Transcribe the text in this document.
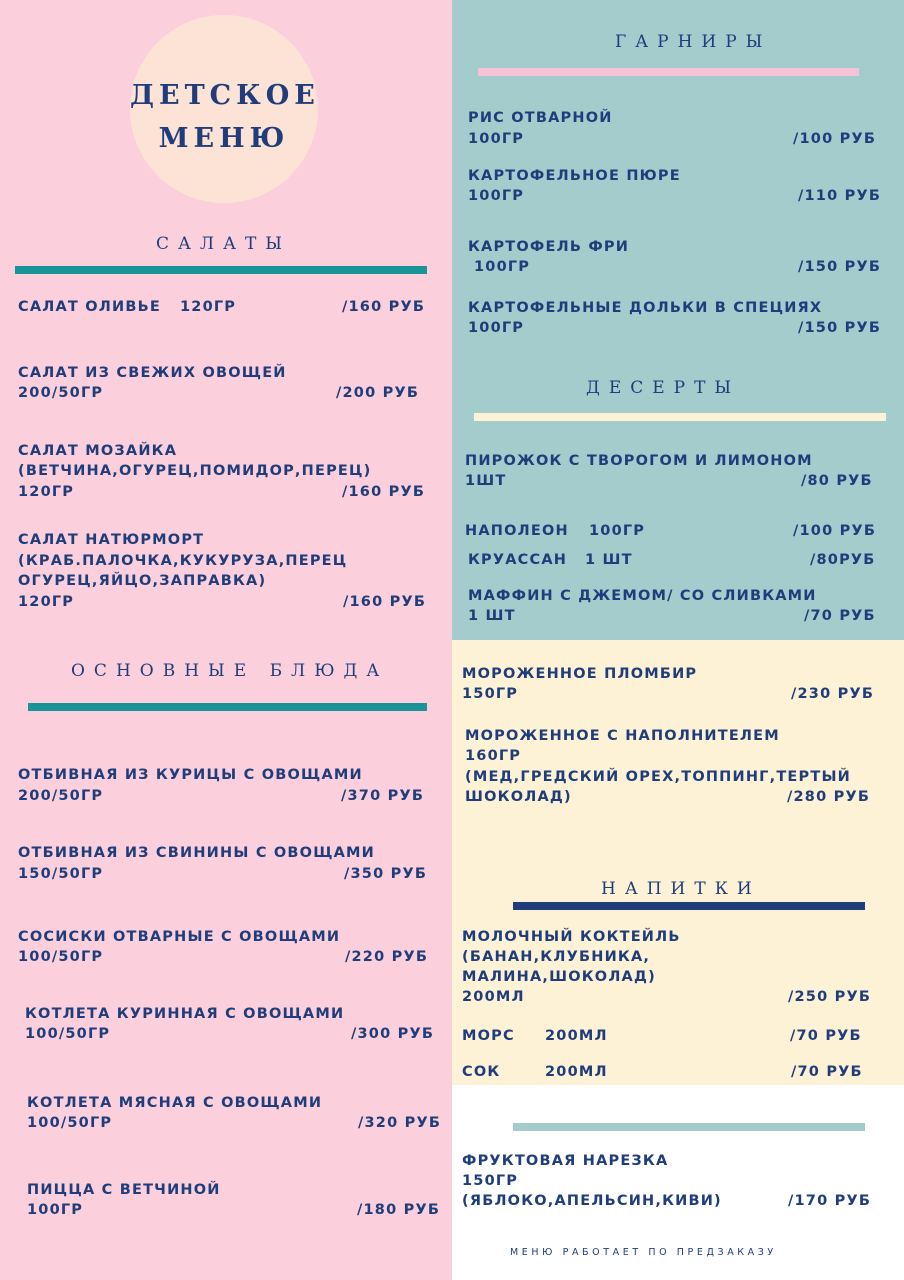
ДЕТСКОЕ
МЕНЮ
САЛАТЫ
САЛАТ ОЛИВЬЕ 120ГР	/160 РУБ
САЛАТ ИЗ СВЕЖИХ ОВОЩЕЙ
200/50ГР	/200 РУБ
САЛАТ МОЗАЙКА
(ВЕТЧИНА,ОГУРЕЦ,ПОМИДОР,ПЕРЕЦ)
120ГР	/160 РУБ
САЛАТ НАТЮРМОРТ
(КРАБ.ПАЛОЧКА,КУКУРУЗА,ПЕРЕЦ
ОГУРЕЦ,ЯЙЦО,ЗАПРАВКА)
120ГР	/160 РУБ
ОСНОВНЫЕ БЛЮДА
ОТБИВНАЯ ИЗ КУРИЦЫ С ОВОЩАМИ
200/50ГР	/370 РУБ
ОТБИВНАЯ ИЗ СВИНИНЫ С ОВОЩАМИ
150/50ГР	/350 РУБ
СОСИСКИ ОТВАРНЫЕ С ОВОЩАМИ
100/50ГР	/220 РУБ
КОТЛЕТА КУРИННАЯ С ОВОЩАМИ
100/50ГР	/300 РУБ
КОТЛЕТА МЯСНАЯ С ОВОЩАМИ
100/50ГР	/320 РУБ
ПИЦЦА С ВЕТЧИНОЙ
100ГР	/180 РУБ
ГАРНИРЫ
РИС ОТВАРНОЙ
100ГР	/100 РУБ
КАРТОФЕЛЬНОЕ ПЮРЕ
100ГР	/110 РУБ
КАРТОФЕЛЬ ФРИ
100ГР	/150 РУБ
КАРТОФЕЛЬНЫЕ ДОЛЬКИ В СПЕЦИЯХ
100ГР	/150 РУБ
ДЕСЕРТЫ
ПИРОЖОК С ТВОРОГОМ И ЛИМОНОМ
1ШТ	/80 РУБ
НАПОЛЕОН 100ГР	/100 РУБ
КРУАССАН 1 ШТ	/80РУБ
МАФФИН С ДЖЕМОМ/ СО СЛИВКАМИ
1 ШТ	/70 РУБ
МОРОЖЕННОЕ ПЛОМБИР
150ГР	/230 РУБ
МОРОЖЕННОЕ С НАПОЛНИТЕЛЕМ
160ГР
(МЕД,ГРЕДСКИЙ ОРЕХ,ТОППИНГ,ТЕРТЫЙ
ШОКОЛАД)	/280 РУБ
НАПИТКИ
МОЛОЧНЫЙ КОКТЕЙЛЬ
(БАНАН,КЛУБНИКА,
МАЛИНА,ШОКОЛАД)
200МЛ	/250 РУБ
МОРС 200МЛ	/70 РУБ
СОК	200МЛ	/70 РУБ
ФРУКТОВАЯ НАРЕЗКА
150ГР
(ЯБЛОКО,АПЕЛЬСИН,КИВИ)	/170 РУБ
МЕНЮ РАБОТАЕТ ПО ПРЕДЗАКАЗУ
